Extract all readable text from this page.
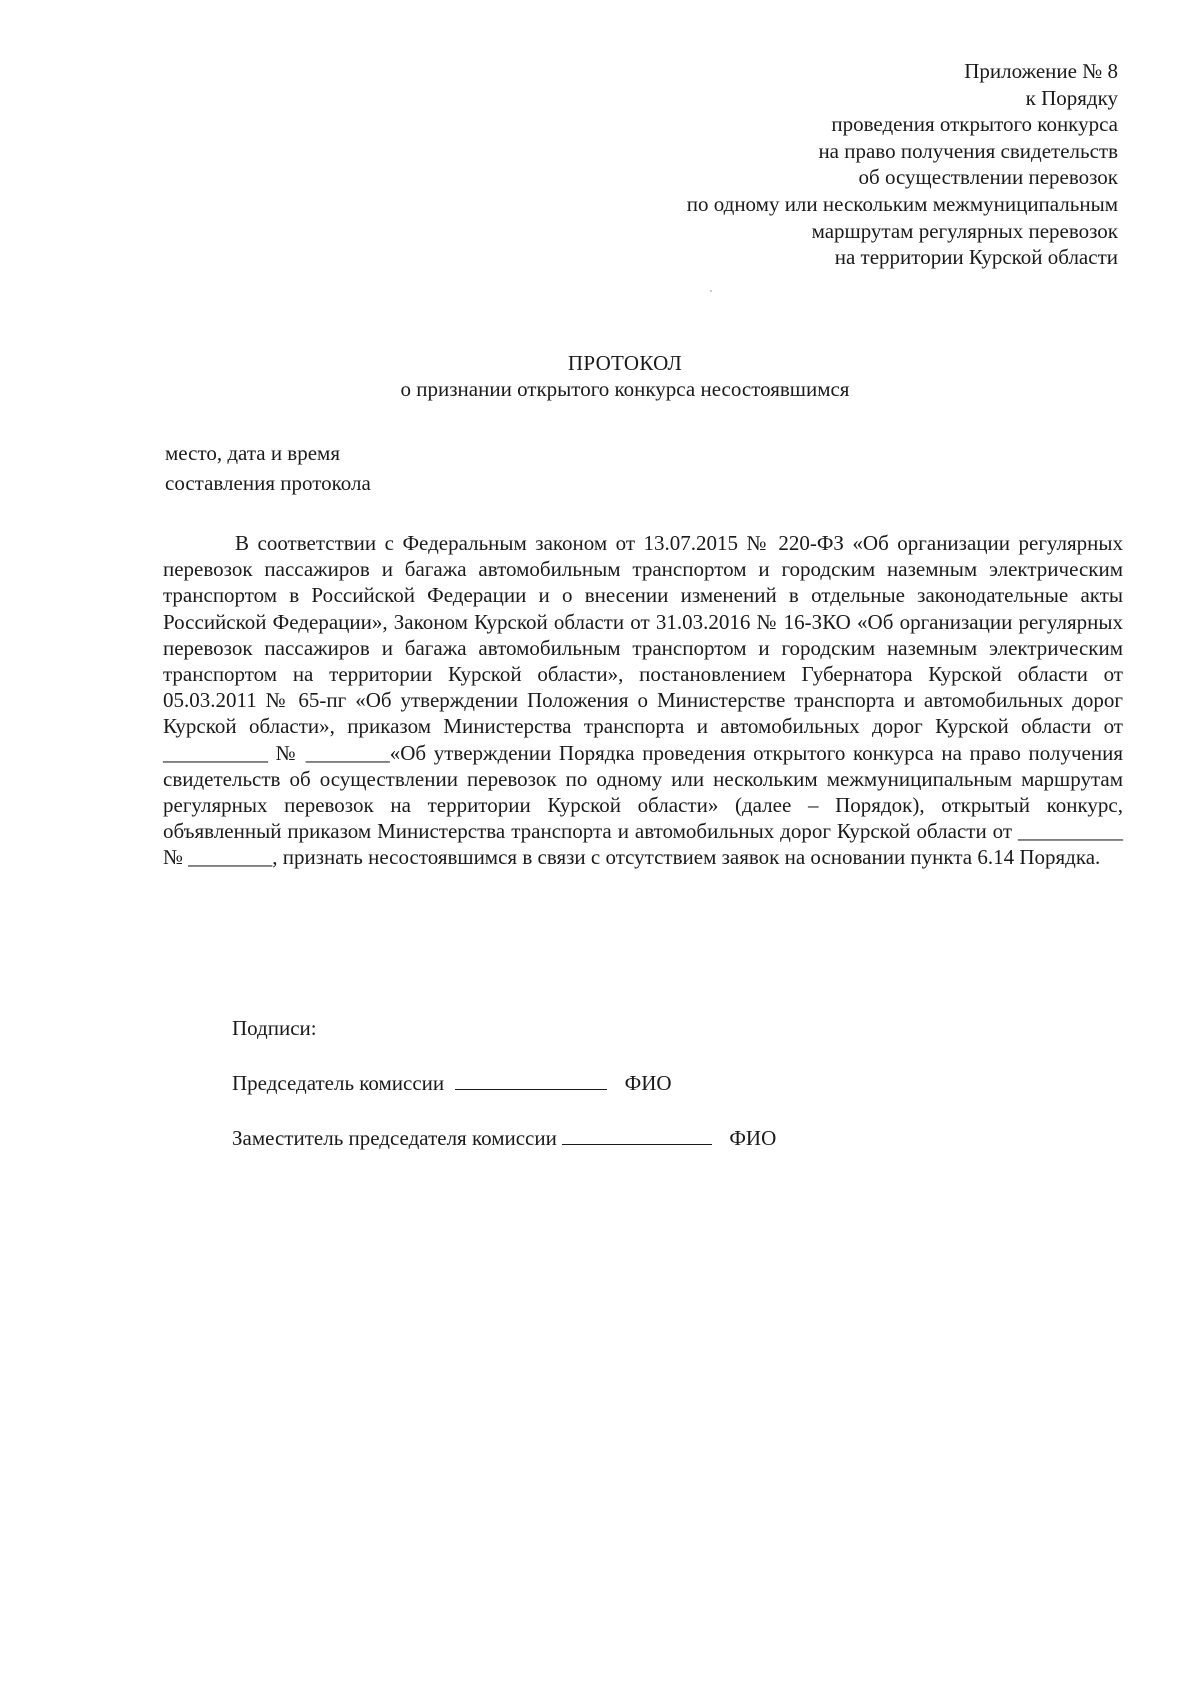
Приложение № 8
к Порядку
проведения открытого конкурса
на право получения свидетельств
об осуществлении перевозок
по одному или нескольким межмуниципальным
маршрутам регулярных перевозок
на территории Курской области
ПРОТОКОЛ
о признании открытого конкурса несостоявшимся
место, дата и время
составления протокола

В соответствии с Федеральным законом от 13.07.2015 № 220-ФЗ «Об организации регулярных перевозок пассажиров и багажа автомобильным транспортом и городским наземным электрическим транспортом в Российской Федерации и о внесении изменений в отдельные законодательные акты Российской Федерации», Законом Курской области от 31.03.2016 № 16-ЗКО «Об организации регулярных перевозок пассажиров и багажа автомобильным транспортом и городским наземным электрическим транспортом на территории Курской области», постановлением Губернатора Курской области от 05.03.2011 № 65-пг «Об утверждении Положения о Министерстве транспорта и автомобильных дорог Курской области», приказом Министерства транспорта и автомобильных дорог Курской области от __________ № ________«Об утверждении Порядка проведения открытого конкурса на право получения свидетельств об осуществлении перевозок по одному или нескольким межмуниципальным маршрутам регулярных перевозок на территории Курской области» (далее – Порядок), открытый конкурс, объявленный приказом Министерства транспорта и автомобильных дорог Курской области от __________ № ________, признать несостоявшимся в связи с отсутствием заявок на основании пункта 6.14 Порядка.

Подписи:
Председатель комиссии	ФИО
Заместитель председателя комиссии	ФИО
